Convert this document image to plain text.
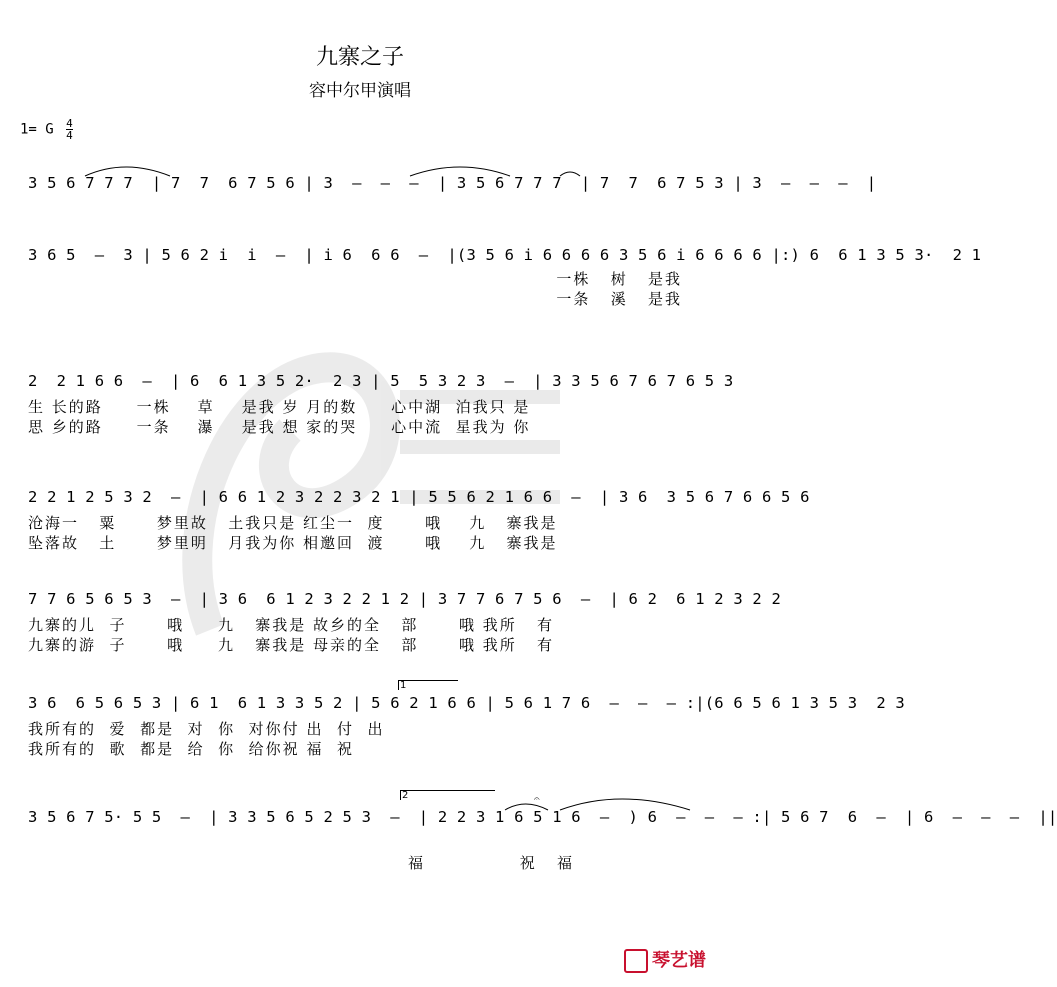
九寨之子
容中尔甲演唱
1= G $\frac{4}{4}$
3 5 6 7 7 7  | 7  7  6 7 5 6 | 3  –  –  –  | 3 5 6 7 7 7  | 7  7  6 7 5 3 | 3  –  –  –  |
3 6 5  –  3 | 5 6 2 i  i  –  | i 6  6 6  –  |(3 5 6 i 6 6 6 6 3 5 6 i 6 6 6 6 |:) 6  6 1 3 5 3·  2 1
一株   树   是我
一条   溪   是我
2  2 1 6 6  –  | 6  6 1 3 5 2·  2 3 | 5  5 3 2 3  –  | 3 3 5 6 7 6 7 6 5 3
生 长的路     一株    草    是我 岁 月的数     心中湖  泊我只 是
思 乡的路     一条    瀑    是我 想 家的哭     心中流  星我为 你
2 2 1 2 5 3 2  –  | 6 6 1 2 3 2 2 3 2 1 | 5 5 6 2 1 6 6  –  | 3 6  3 5 6 7 6 6 5 6
沧海一   粟      梦里故   土我只是 红尘一  度      哦    九   寨我是
坠落故   土      梦里明   月我为你 相邀回  渡      哦    九   寨我是
7 7 6 5 6 5 3  –  | 3 6  6 1 2 3 2 2 1 2 | 3 7 7 6 7 5 6  –  | 6 2  6 1 2 3 2 2
九寨的儿  子      哦     九   寨我是 故乡的全   部      哦 我所   有
九寨的游  子      哦     九   寨我是 母亲的全   部      哦 我所   有
1
3 6  6 5 6 5 3 | 6 1  6 1 3 3 5 2 | 5 6 2 1 6 6 | 5 6 1 7 6  –  –  – :|(6 6 5 6 1 3 5 3  2 3
我所有的  爱  都是  对  你  对你付 出  付  出
我所有的  歌  都是  给  你  给你祝 福  祝
2	𝄐
3 5 6 7 5· 5 5  –  | 3 3 5 6 5 2 5 3  –  | 2 2 3 1 6 5 1 6  –  ) 6  –  –  – :| 5 6 7  6  –  | 6  –  –  –  ||
福              祝   福
琴艺谱
